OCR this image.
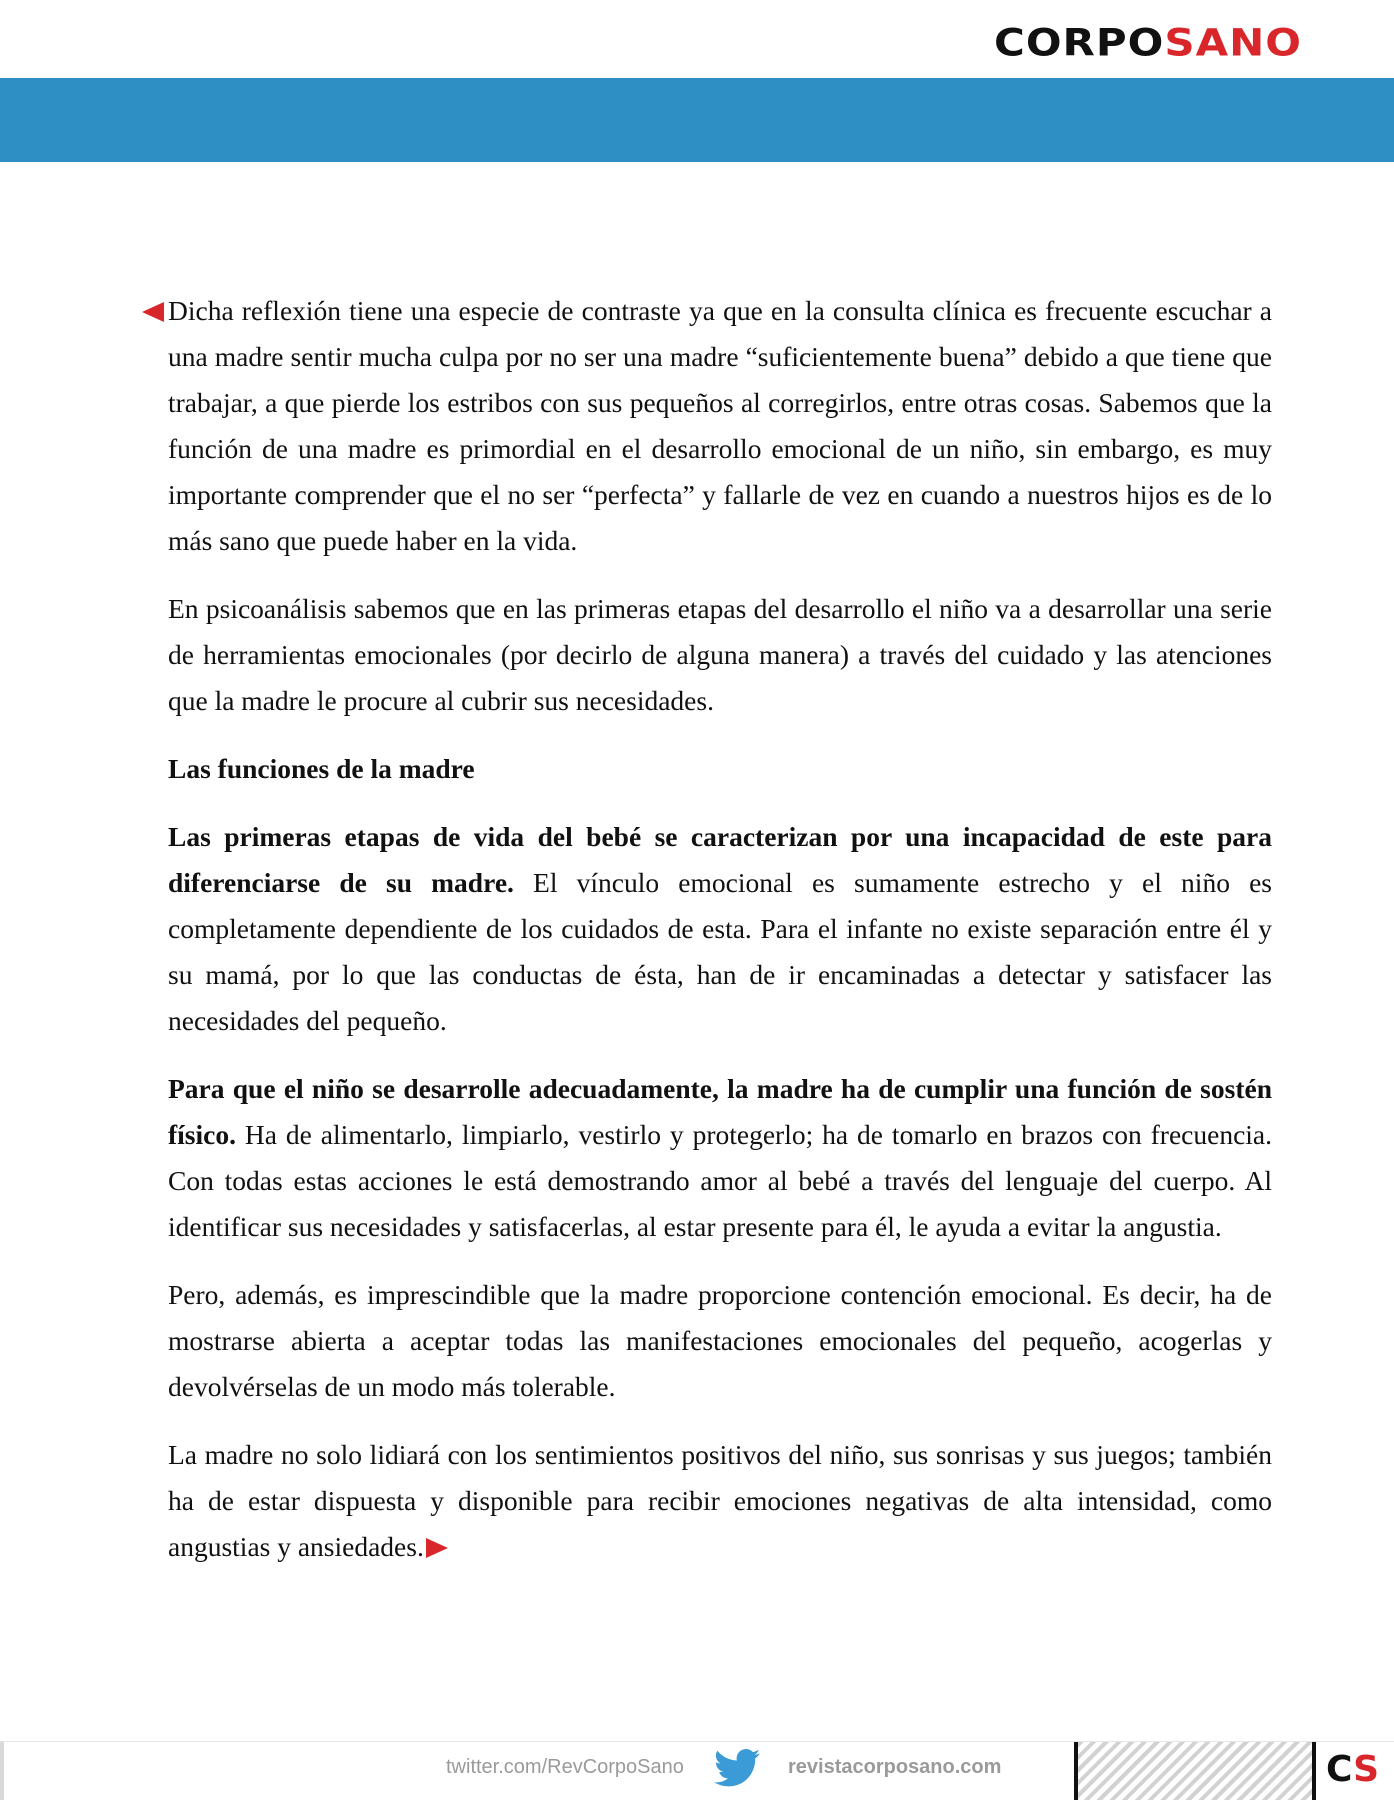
CORPOSANO

Dicha reflexión tiene una especie de contraste ya que en la consulta clínica es frecuente escuchar a una madre sentir mucha culpa por no ser una madre “suficientemente buena” debido a que tiene que trabajar, a que pierde los estribos con sus pequeños al corregirlos, entre otras cosas. Sabemos que la función de una madre es primordial en el desarrollo emocional de un niño, sin embargo, es muy importante comprender que el no ser “perfecta” y fallarle de vez en cuando a nuestros hijos es de lo más sano que puede haber en la vida.

En psicoanálisis sabemos que en las primeras etapas del desarrollo el niño va a desarrollar una serie de herramientas emocionales (por decirlo de alguna manera) a través del cuidado y las atenciones que la madre le procure al cubrir sus necesidades.

Las funciones de la madre

Las primeras etapas de vida del bebé se caracterizan por una incapacidad de este para diferenciarse de su madre. El vínculo emocional es sumamente estrecho y el niño es completamente dependiente de los cuidados de esta. Para el infante no existe separación entre él y su mamá, por lo que las conductas de ésta, han de ir encaminadas a detectar y satisfacer las necesidades del pequeño.

Para que el niño se desarrolle adecuadamente, la madre ha de cumplir una función de sostén físico. Ha de alimentarlo, limpiarlo, vestirlo y protegerlo; ha de tomarlo en brazos con frecuencia. Con todas estas acciones le está demostrando amor al bebé a través del lenguaje del cuerpo. Al identificar sus necesidades y satisfacerlas, al estar presente para él, le ayuda a evitar la angustia.

Pero, además, es imprescindible que la madre proporcione contención emocional. Es decir, ha de mostrarse abierta a aceptar todas las manifestaciones emocionales del pequeño, acogerlas y devolvérselas de un modo más tolerable.

La madre no solo lidiará con los sentimientos positivos del niño, sus sonrisas y sus juegos; también ha de estar dispuesta y disponible para recibir emociones negativas de alta intensidad, como angustias y ansiedades.

twitter.com/RevCorpoSano	revistacorposano.com	CS
